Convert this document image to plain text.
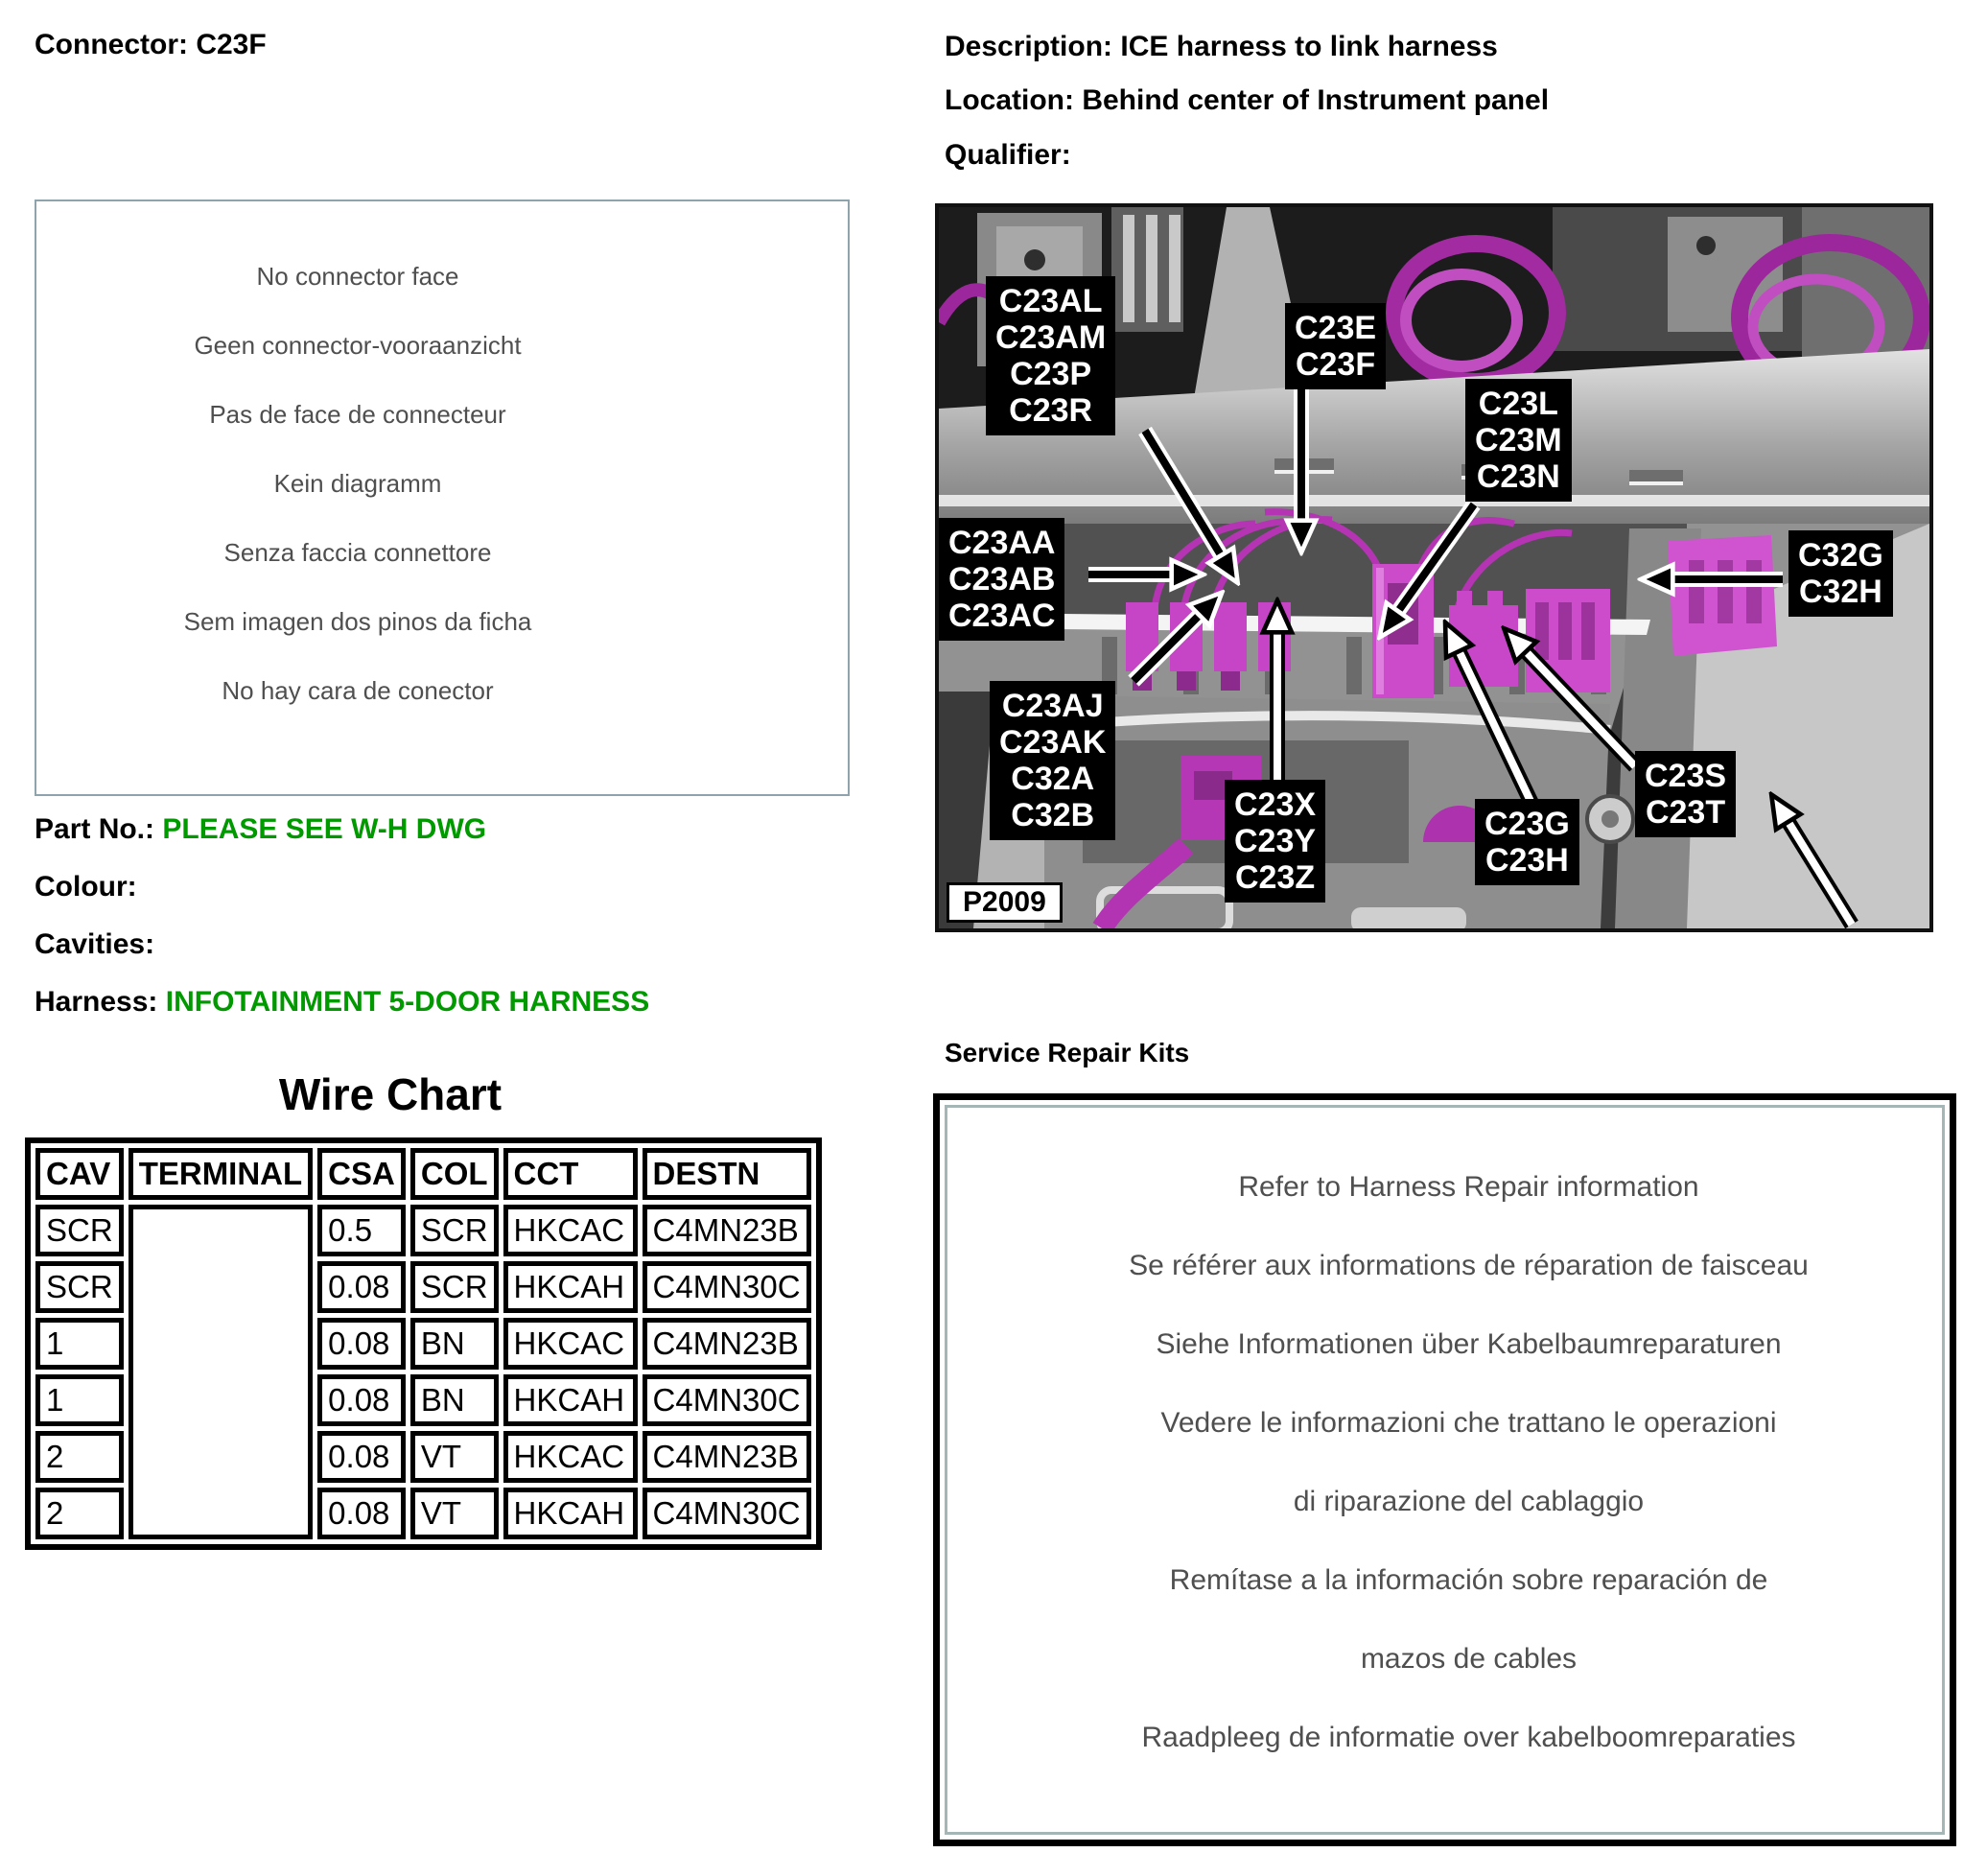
Connector: C23F	Description: ICE harness to link harness
Location: Behind center of Instrument panel
Qualifier:
No connector face
Geen connector-vooraanzicht
Pas de face de connecteur
Kein diagramm
Senza faccia connettore
Sem imagen dos pinos da ficha
No hay cara de conector
Part No.: PLEASE SEE W-H DWG
Colour:
Cavities:
Harness: INFOTAINMENT 5-DOOR HARNESS
Wire Chart
CAV	TERMINAL	CSA	COL	CCT	DESTN
SCR		0.5	SCR	HKCAC	C4MN23B
SCR		0.08	SCR	HKCAH	C4MN30C
1		0.08	BN	HKCAC	C4MN23B
1		0.08	BN	HKCAH	C4MN30C
2		0.08	VT	HKCAC	C4MN23B
2		0.08	VT	HKCAH	C4MN30C
C23AL
C23AM
C23P
C23R
C23E
C23F
C23L
C23M
C23N
C23AA
C23AB
C23AC
C32G
C32H
C23AJ
C23AK
C32A
C32B	C23X
C23Y
C23Z
C23G
C23H
C23S
C23T
P2009
Service Repair Kits
Refer to Harness Repair information
Se référer aux informations de réparation de faisceau
Siehe Informationen über Kabelbaumreparaturen
Vedere le informazioni che trattano le operazioni
di riparazione del cablaggio
Remítase a la información sobre reparación de
mazos de cables
Raadpleeg de informatie over kabelboomreparaties
